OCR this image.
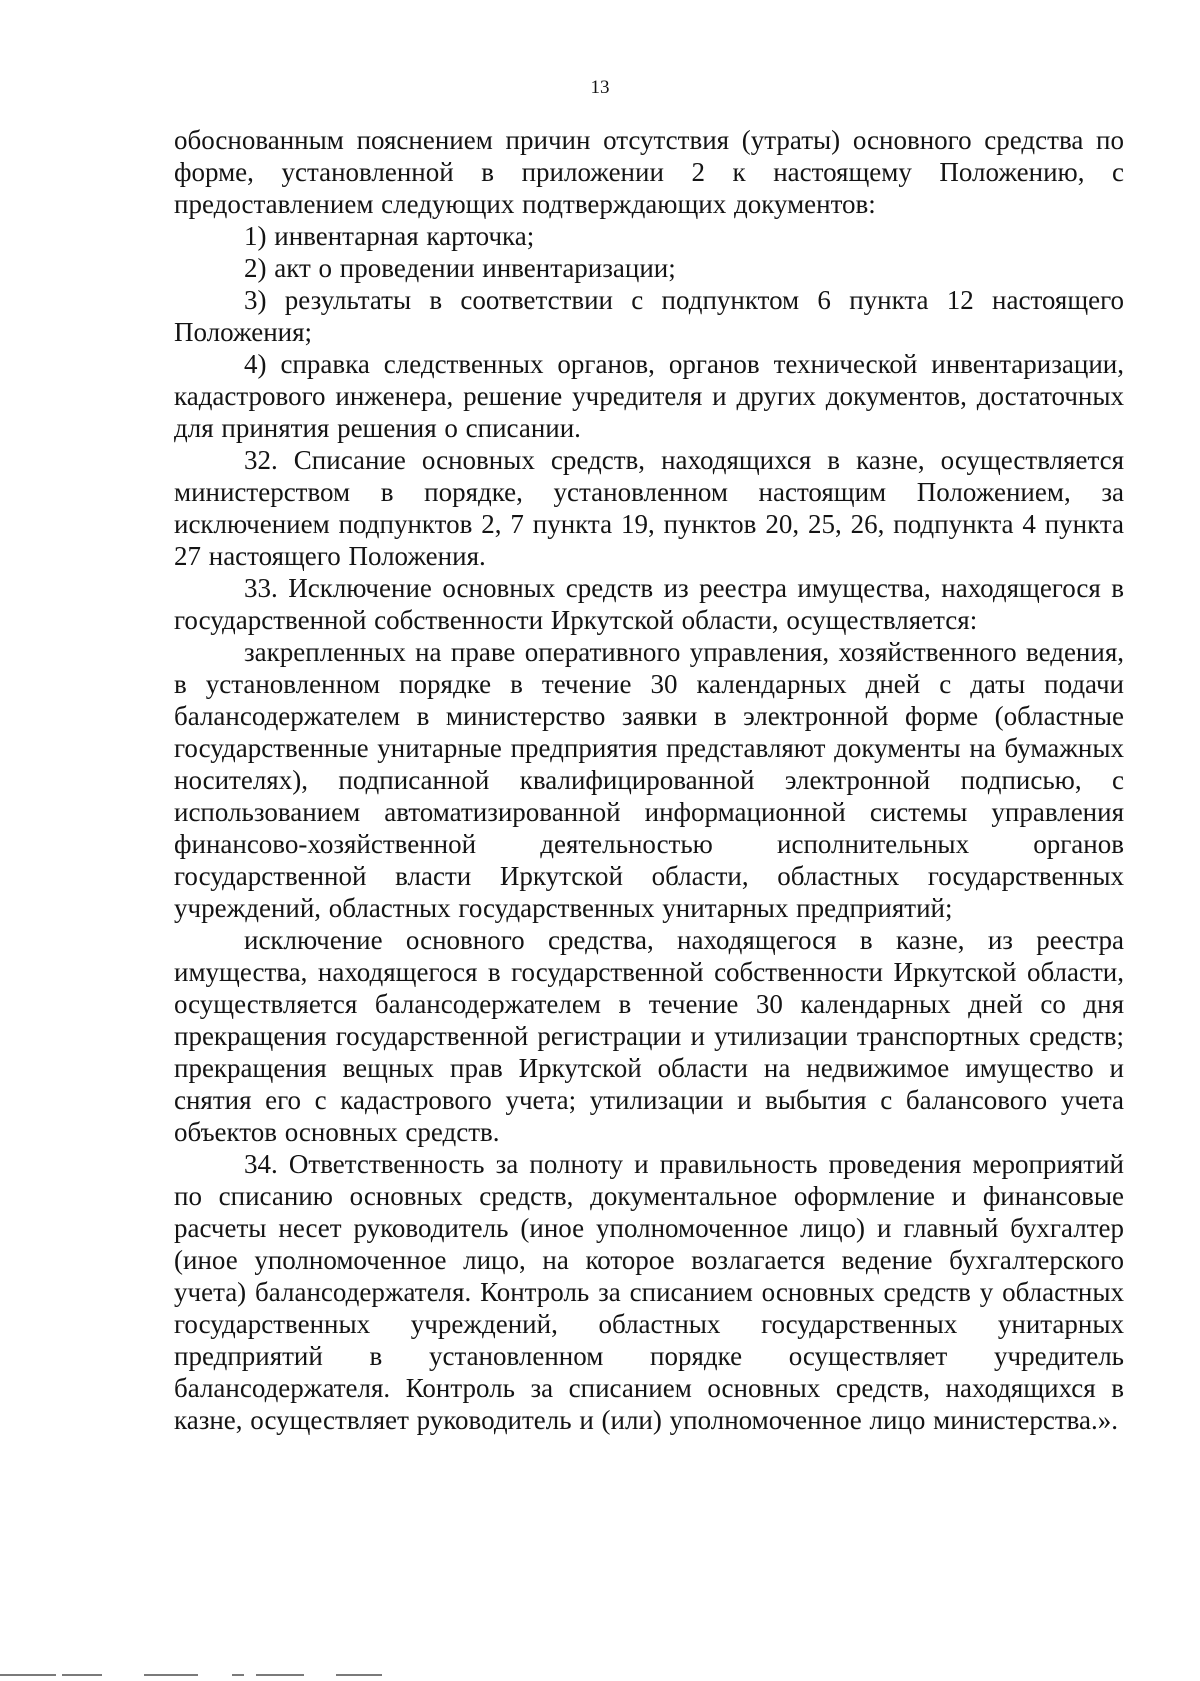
13

обоснованным пояснением причин отсутствия (утраты) основного средства по форме, установленной в приложении 2 к настоящему Положению, с предоставлением следующих подтверждающих документов:

1) инвентарная карточка;

2) акт о проведении инвентаризации;

3) результаты в соответствии с подпунктом 6 пункта 12 настоящего Положения;

4) справка следственных органов, органов технической инвентаризации, кадастрового инженера, решение учредителя и других документов, достаточных для принятия решения о списании.

32. Списание основных средств, находящихся в казне, осуществляется министерством в порядке, установленном настоящим Положением, за исключением подпунктов 2, 7 пункта 19, пунктов 20, 25, 26, подпункта 4 пункта 27 настоящего Положения.

33. Исключение основных средств из реестра имущества, находящегося в государственной собственности Иркутской области, осуществляется:

закрепленных на праве оперативного управления, хозяйственного ведения, в установленном порядке в течение 30 календарных дней с даты подачи балансодержателем в министерство заявки в электронной форме (областные государственные унитарные предприятия представляют документы на бумажных носителях), подписанной квалифицированной электронной подписью, с использованием автоматизированной информационной системы управления финансово-хозяйственной деятельностью исполнительных органов государственной власти Иркутской области, областных государственных учреждений, областных государственных унитарных предприятий;

исключение основного средства, находящегося в казне, из реестра имущества, находящегося в государственной собственности Иркутской области, осуществляется балансодержателем в течение 30 календарных дней со дня прекращения государственной регистрации и утилизации транспортных средств; прекращения вещных прав Иркутской области на недвижимое имущество и снятия его с кадастрового учета; утилизации и выбытия с балансового учета объектов основных средств.

34. Ответственность за полноту и правильность проведения мероприятий по списанию основных средств, документальное оформление и финансовые расчеты несет руководитель (иное уполномоченное лицо) и главный бухгалтер (иное уполномоченное лицо, на которое возлагается ведение бухгалтерского учета) балансодержателя. Контроль за списанием основных средств у областных государственных учреждений, областных государственных унитарных предприятий в установленном порядке осуществляет учредитель балансодержателя. Контроль за списанием основных средств, находящихся в казне, осуществляет руководитель и (или) уполномоченное лицо министерства.».
